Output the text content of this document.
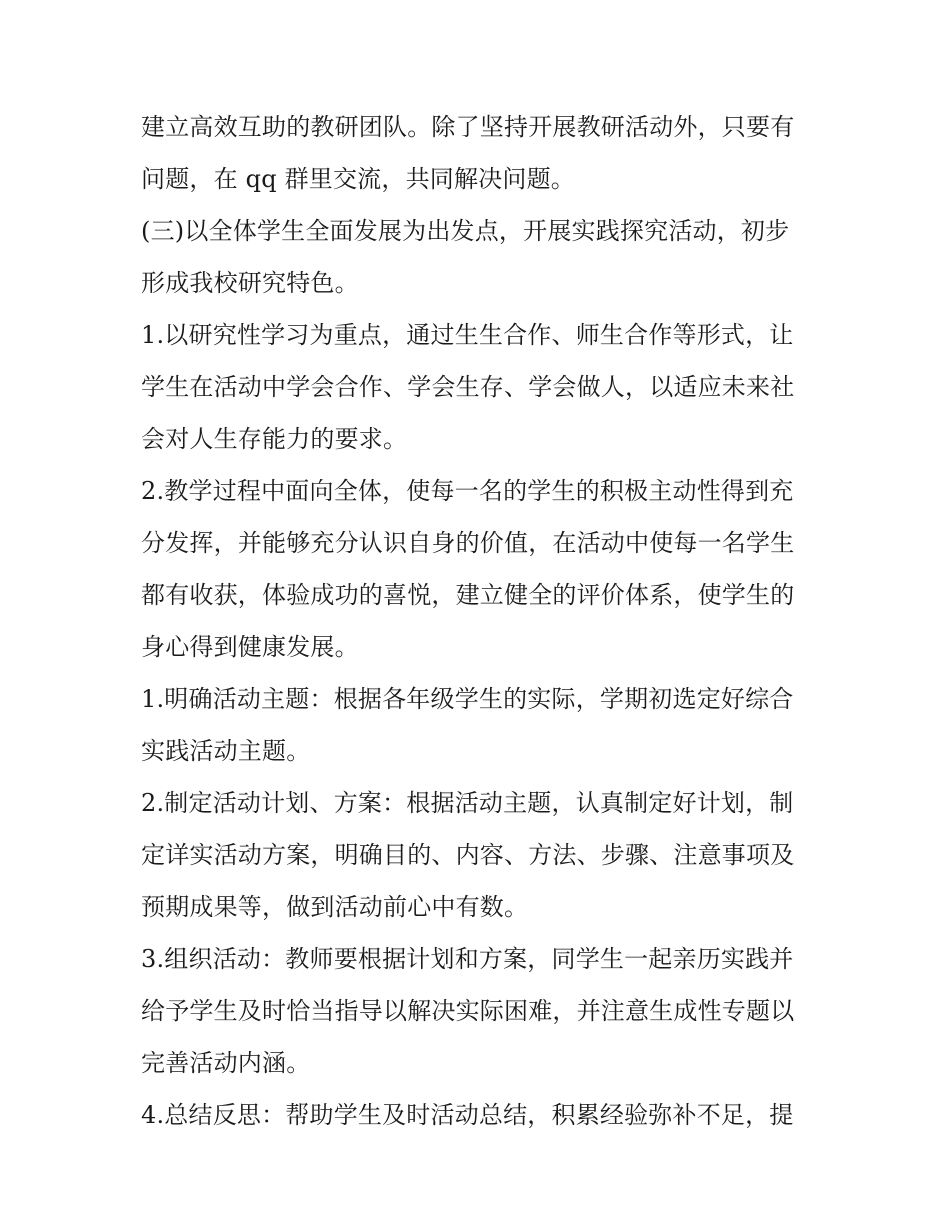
建立高效互助的教研团队。除了坚持开展教研活动外，只要有
问题，在 qq 群里交流，共同解决问题。
(三)以全体学生全面发展为出发点，开展实践探究活动，初步
形成我校研究特色。
1.以研究性学习为重点，通过生生合作、师生合作等形式，让
学生在活动中学会合作、学会生存、学会做人，以适应未来社
会对人生存能力的要求。
2.教学过程中面向全体，使每一名的学生的积极主动性得到充
分发挥，并能够充分认识自身的价值，在活动中使每一名学生
都有收获，体验成功的喜悦，建立健全的评价体系，使学生的
身心得到健康发展。
1.明确活动主题：根据各年级学生的实际，学期初选定好综合
实践活动主题。
2.制定活动计划、方案：根据活动主题，认真制定好计划，制
定详实活动方案，明确目的、内容、方法、步骤、注意事项及
预期成果等，做到活动前心中有数。
3.组织活动：教师要根据计划和方案，同学生一起亲历实践并
给予学生及时恰当指导以解决实际困难，并注意生成性专题以
完善活动内涵。
4.总结反思：帮助学生及时活动总结，积累经验弥补不足，提
